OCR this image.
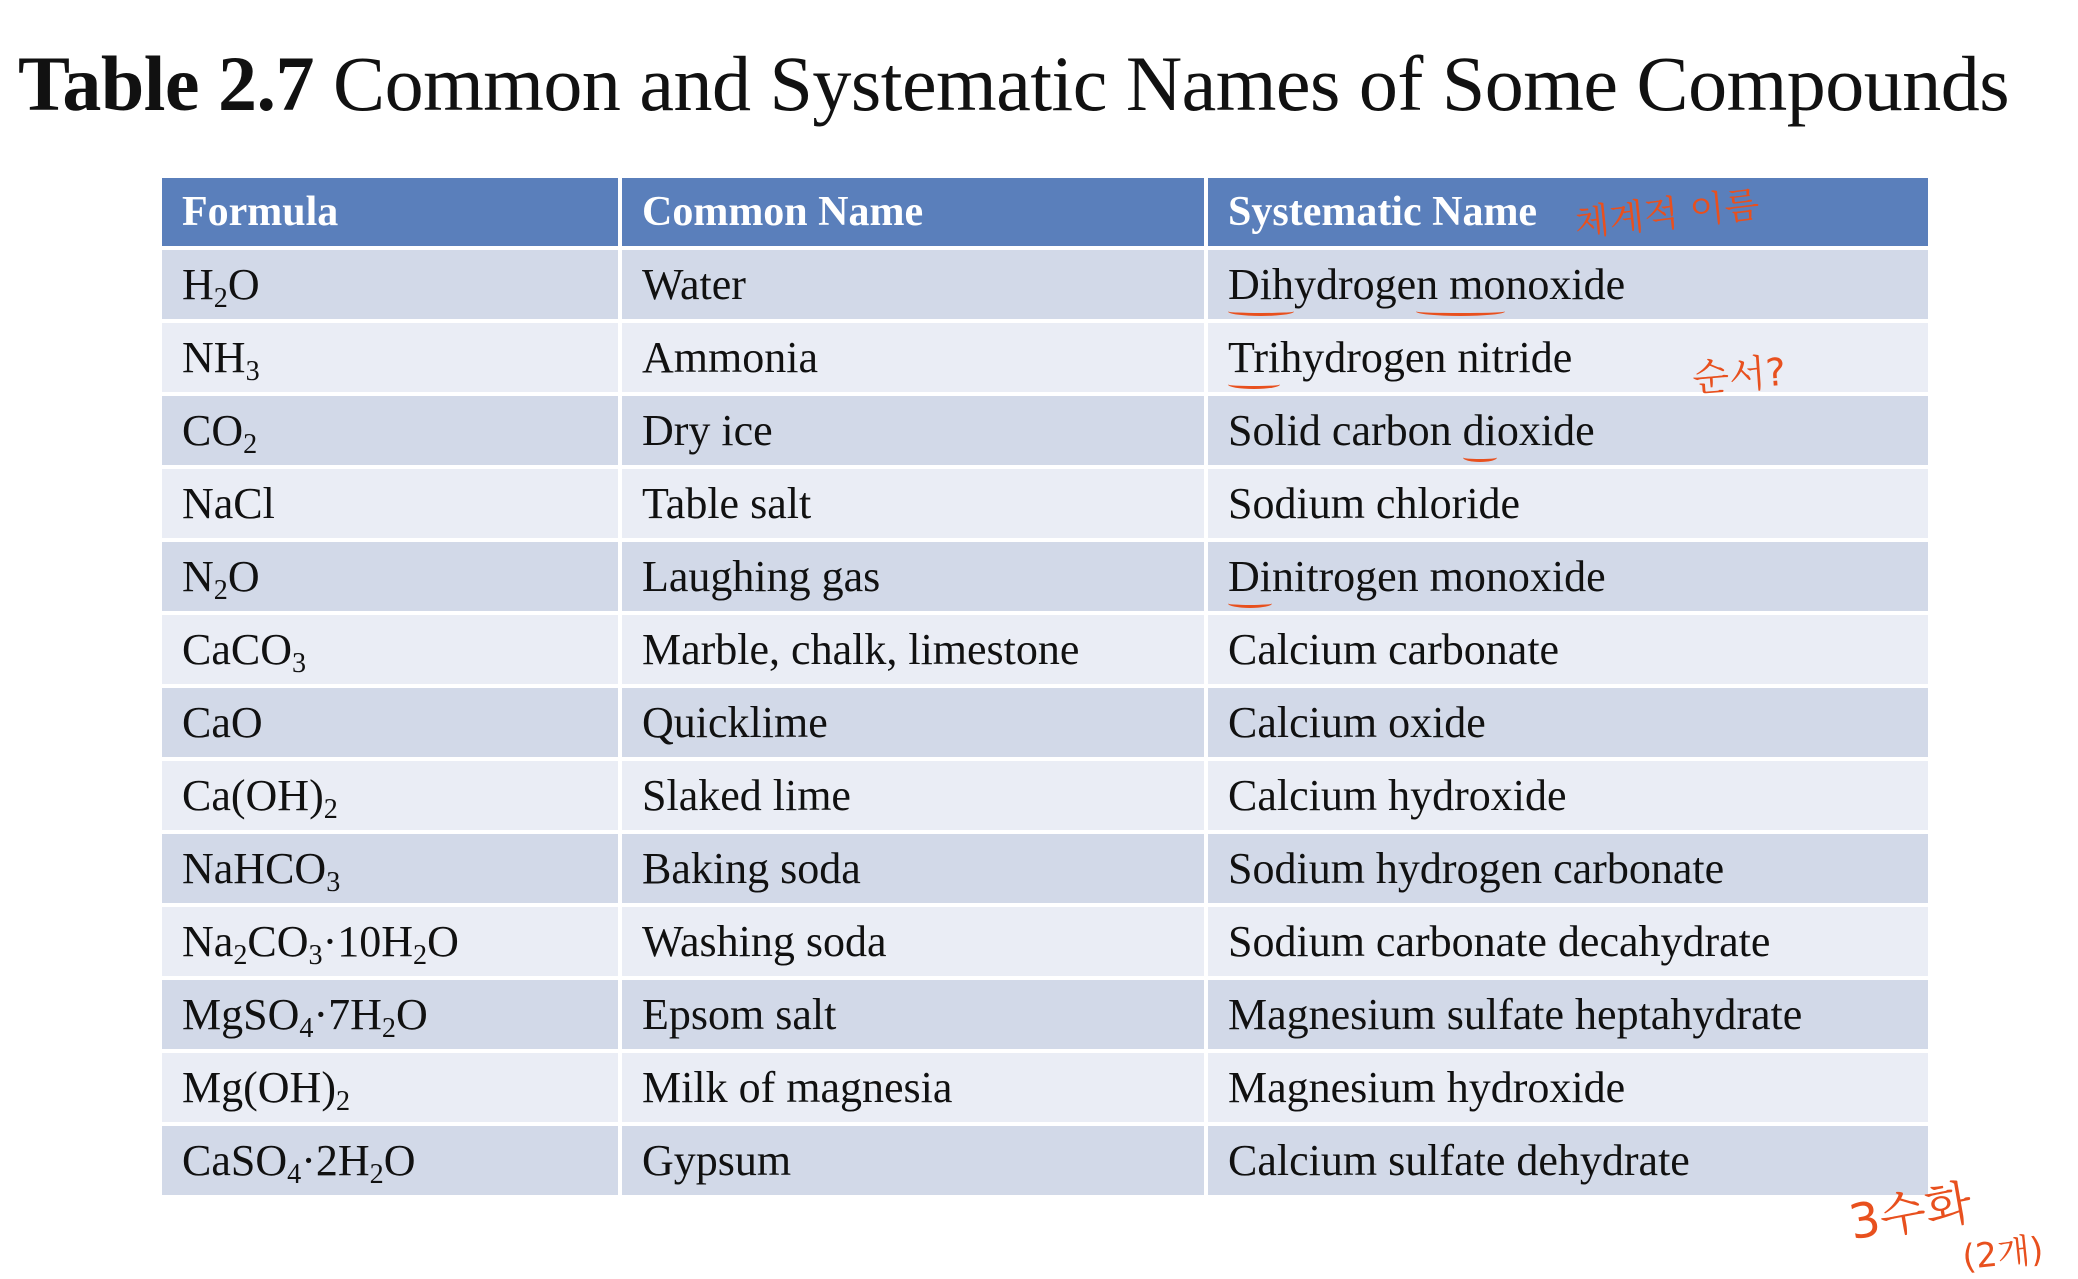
Table 2.7 Common and Systematic Names of Some Compounds
Formula	Common Name	Systematic Name
$H_2O$	Water	Dihydrogen monoxide

$NH_3$	Ammonia	Trihydrogen nitride

$CO_2$	Dry ice	Solid carbon dioxide

NaCl	Table salt	Sodium chloride
$N_2O$	Laughing gas	Dinitrogen monoxide

CaCO$_3$	Marble, chalk, limestone	Calcium carbonate
CaO	Quicklime	Calcium oxide
$Ca(OH)_2$	Slaked lime	Calcium hydroxide
NaHCO$_3$	Baking soda	Sodium hydrogen carbonate
$Na_2CO_3\cdot 10H_2O$	Washing soda	Sodium carbonate decahydrate
$MgSO_4\cdot 7H_2O$	Epsom salt	Magnesium sulfate heptahydrate
$Mg(OH)_2$	Milk of magnesia	Magnesium hydroxide
$CaSO_4\cdot 2H_2O$	Gypsum	Calcium sulfate dehydrate
체계적 이름
순서?
3수화
(2개)
